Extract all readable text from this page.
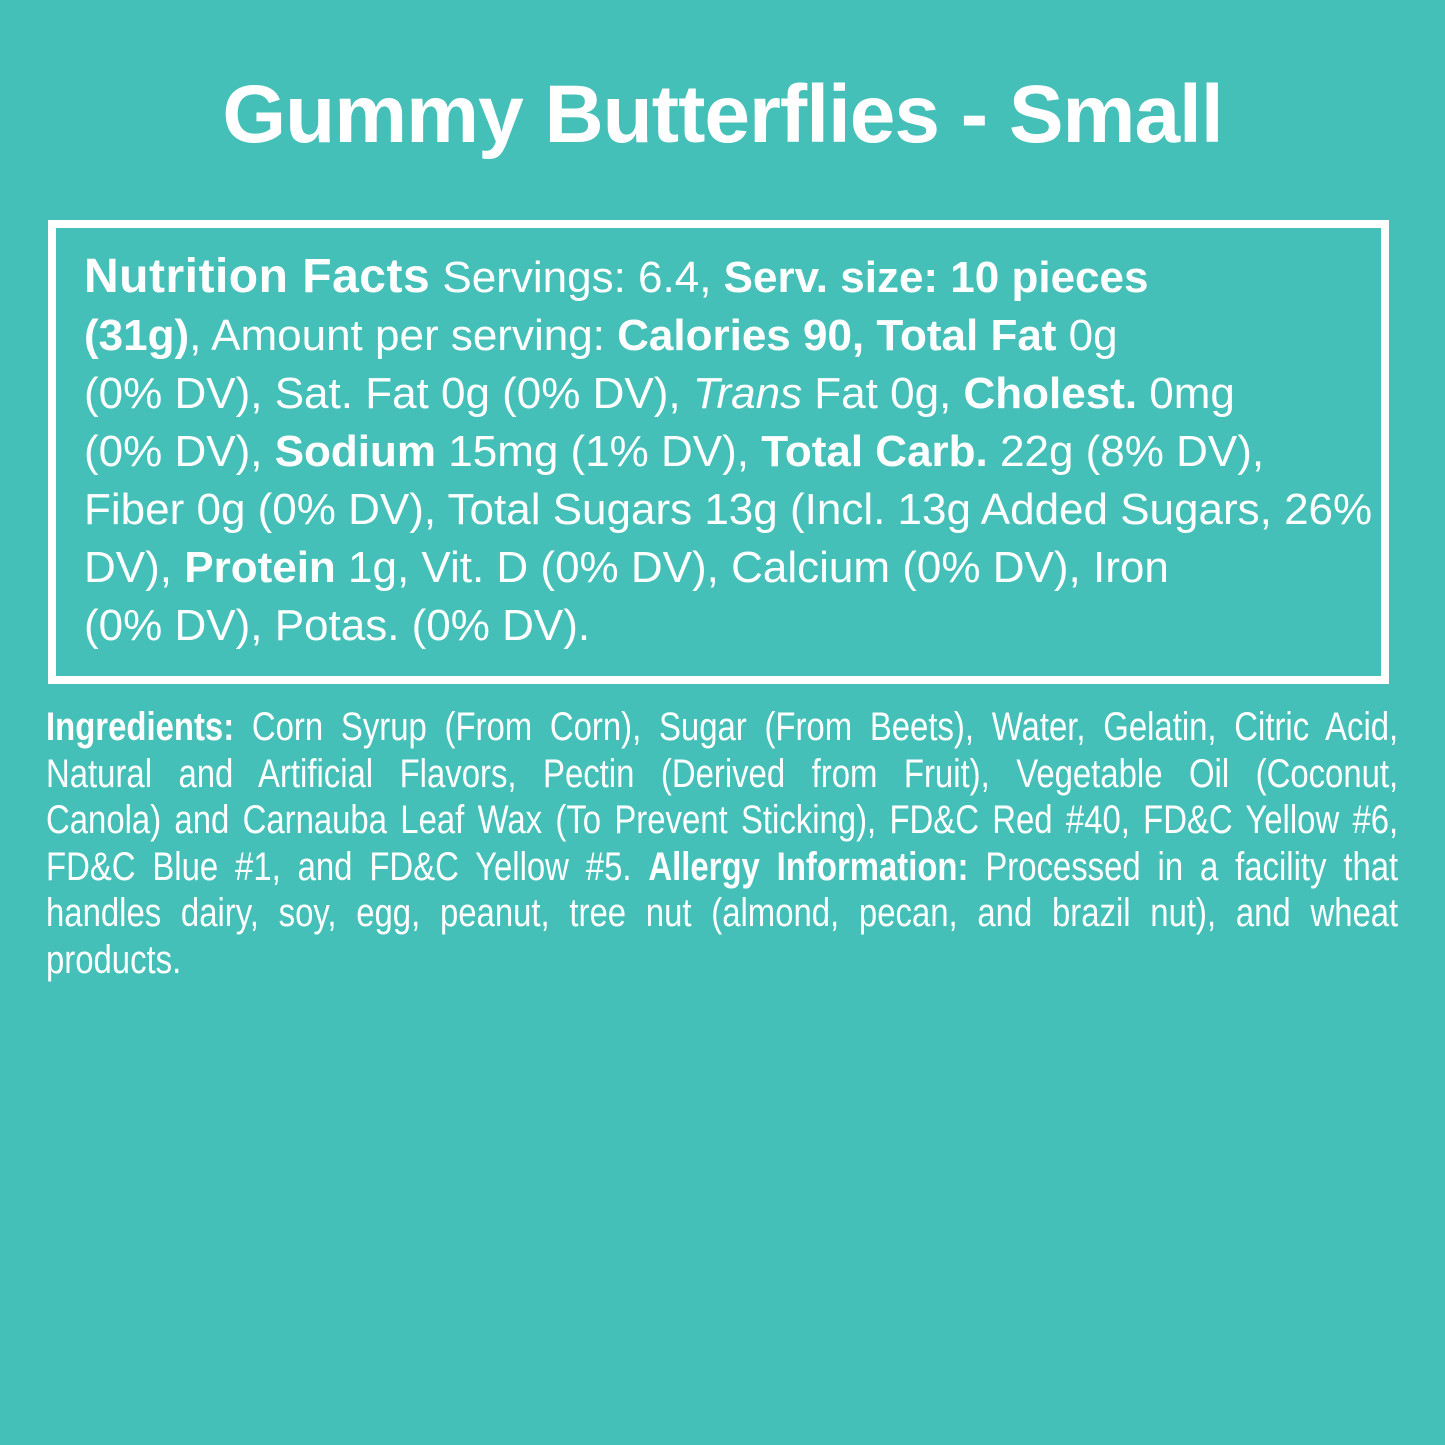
Gummy Butterflies - Small
Nutrition Facts Servings: 6.4, Serv. size: 10 pieces
(31g), Amount per serving: Calories 90, Total Fat 0g
(0% DV), Sat. Fat 0g (0% DV), Trans Fat 0g, Cholest. 0mg
(0% DV), Sodium 15mg (1% DV), Total Carb. 22g (8% DV),
Fiber 0g (0% DV), Total Sugars 13g (Incl. 13g Added Sugars, 26%
DV), Protein 1g, Vit. D (0% DV), Calcium (0% DV), Iron
(0% DV), Potas. (0% DV).
Ingredients: Corn Syrup (From Corn), Sugar (From Beets), Water, Gelatin, Citric Acid,
Natural and Artificial Flavors, Pectin (Derived from Fruit), Vegetable Oil (Coconut,
Canola) and Carnauba Leaf Wax (To Prevent Sticking), FD&C Red #40, FD&C Yellow #6,
FD&C Blue #1, and FD&C Yellow #5. Allergy Information: Processed in a facility that
handles dairy, soy, egg, peanut, tree nut (almond, pecan, and brazil nut), and wheat
products.
